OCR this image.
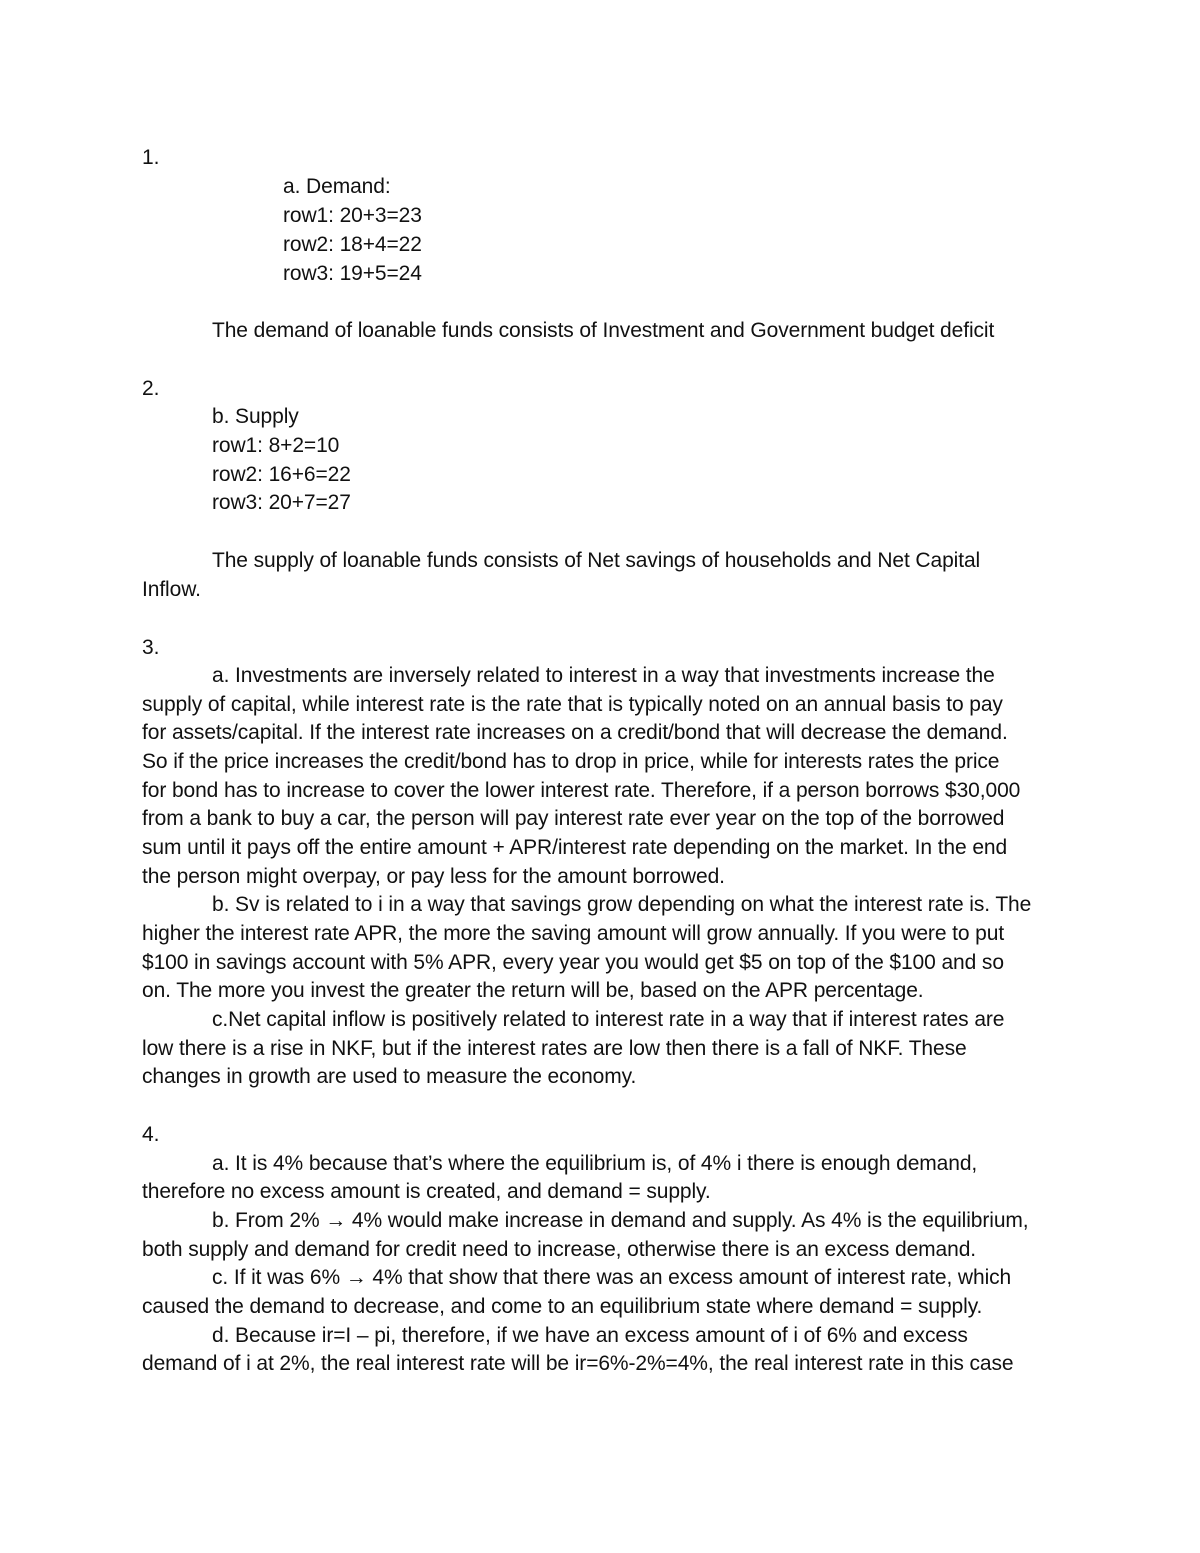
1.
a. Demand:
row1: 20+3=23
row2: 18+4=22
row3: 19+5=24
The demand of loanable funds consists of Investment and Government budget deficit
2.
b. Supply
row1: 8+2=10
row2: 16+6=22
row3: 20+7=27
The supply of loanable funds consists of Net savings of households and Net Capital
Inflow.
3.
a. Investments are inversely related to interest in a way that investments increase the
supply of capital, while interest rate is the rate that is typically noted on an annual basis to pay
for assets/capital. If the interest rate increases on a credit/bond that will decrease the demand.
So if the price increases the credit/bond has to drop in price, while for interests rates the price
for bond has to increase to cover the lower interest rate. Therefore, if a person borrows $30,000
from a bank to buy a car, the person will pay interest rate ever year on the top of the borrowed
sum until it pays off the entire amount + APR/interest rate depending on the market. In the end
the person might overpay, or pay less for the amount borrowed.
b. Sv is related to i in a way that savings grow depending on what the interest rate is. The
higher the interest rate APR, the more the saving amount will grow annually. If you were to put
$100 in savings account with 5% APR, every year you would get $5 on top of the $100 and so
on. The more you invest the greater the return will be, based on the APR percentage.
c.Net capital inflow is positively related to interest rate in a way that if interest rates are
low there is a rise in NKF, but if the interest rates are low then there is a fall of NKF. These
changes in growth are used to measure the economy.
4.
a. It is 4% because that’s where the equilibrium is, of 4% i there is enough demand,
therefore no excess amount is created, and demand = supply.
b. From 2% → 4% would make increase in demand and supply. As 4% is the equilibrium,
both supply and demand for credit need to increase, otherwise there is an excess demand.
c. If it was 6% → 4% that show that there was an excess amount of interest rate, which
caused the demand to decrease, and come to an equilibrium state where demand = supply.
d. Because ir=I – pi, therefore, if we have an excess amount of i of 6% and excess
demand of i at 2%, the real interest rate will be ir=6%-2%=4%, the real interest rate in this case
